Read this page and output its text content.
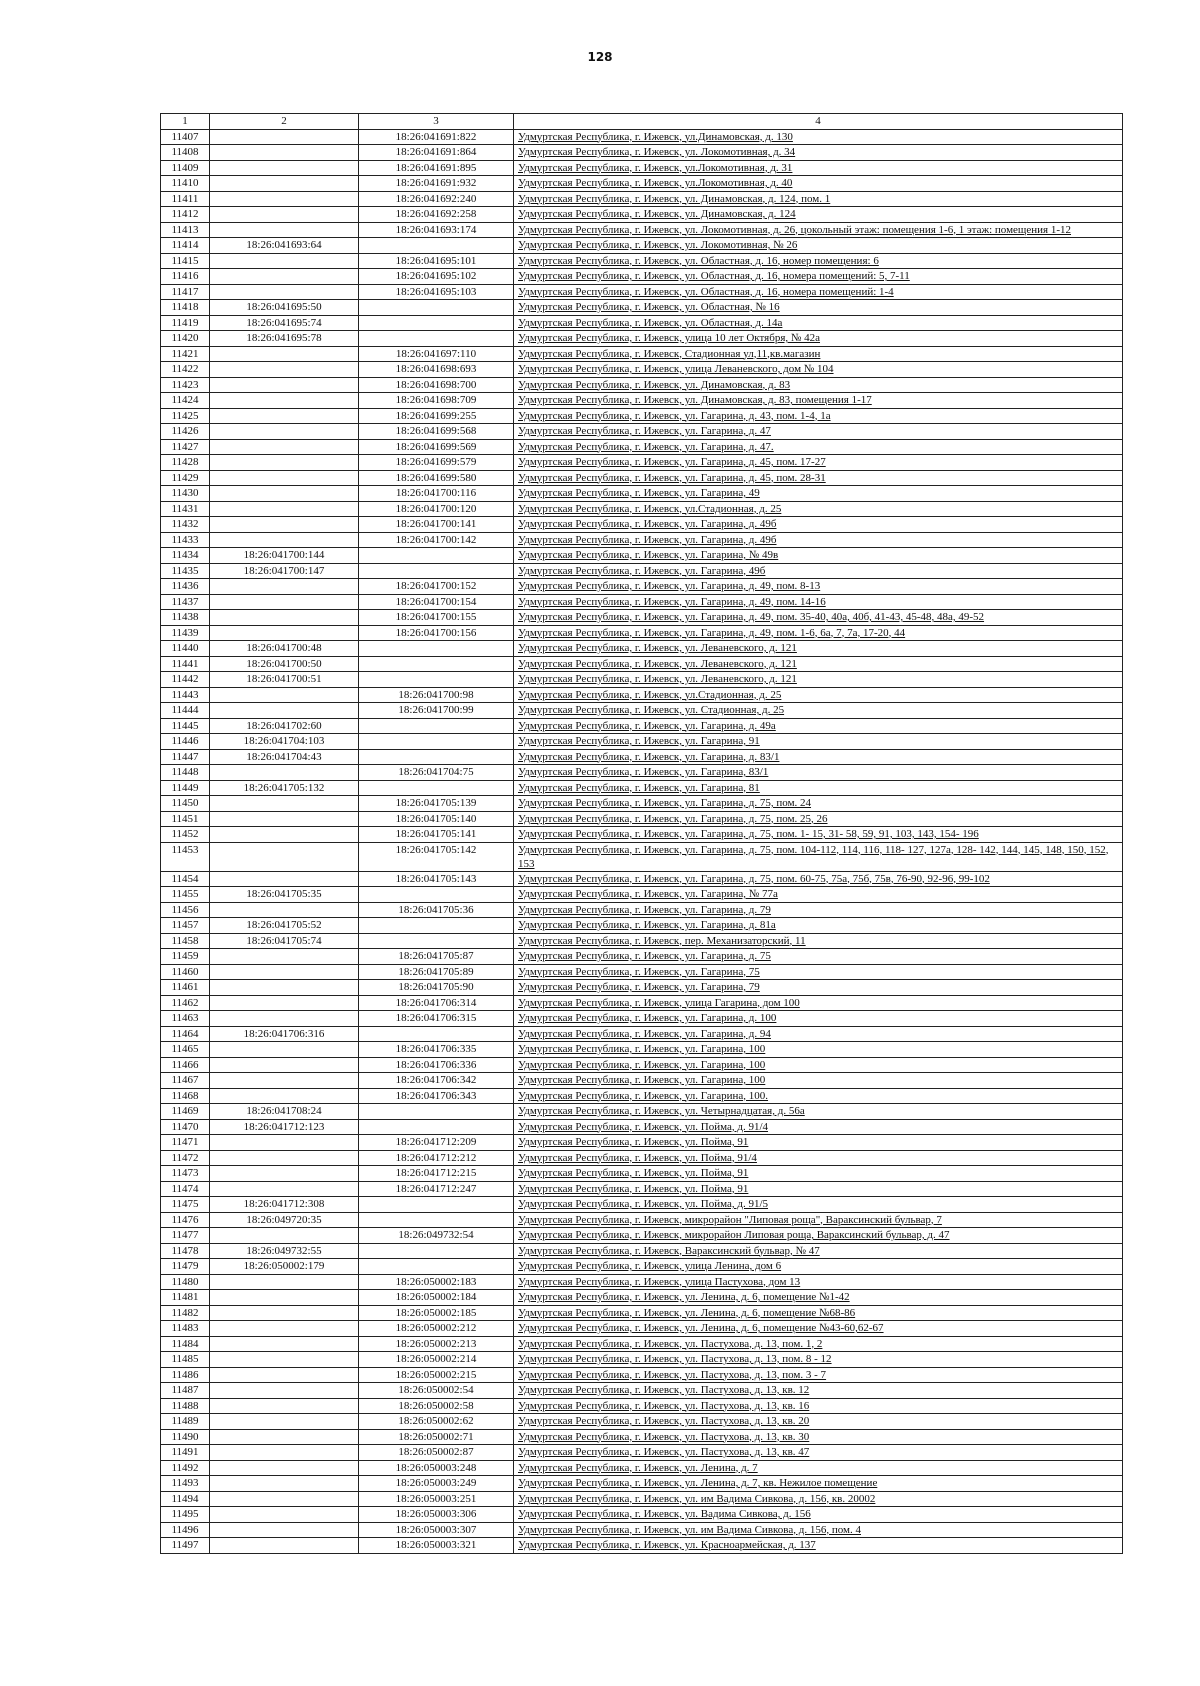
128
1	2	3	4
11407		18:26:041691:822	Удмуртская Республика, г. Ижевск, ул.Динамовская, д. 130
11408		18:26:041691:864	Удмуртская Республика, г. Ижевск, ул. Локомотивная, д. 34
11409		18:26:041691:895	Удмуртская Республика, г. Ижевск, ул.Локомотивная, д. 31
11410		18:26:041691:932	Удмуртская Республика, г. Ижевск, ул.Локомотивная, д. 40
11411		18:26:041692:240	Удмуртская Республика, г. Ижевск, ул. Динамовская, д. 124, пом. 1
11412		18:26:041692:258	Удмуртская Республика, г. Ижевск, ул. Динамовская, д. 124
11413		18:26:041693:174	Удмуртская Республика, г. Ижевск, ул. Локомотивная, д. 26, цокольный этаж: помещения 1-6, 1 этаж: помещения 1-12
11414	18:26:041693:64		Удмуртская Республика, г. Ижевск, ул. Локомотивная, № 26
11415		18:26:041695:101	Удмуртская Республика, г. Ижевск, ул. Областная, д. 16, номер помещения: 6
11416		18:26:041695:102	Удмуртская Республика, г. Ижевск, ул. Областная, д. 16, номера помещений: 5, 7-11
11417		18:26:041695:103	Удмуртская Республика, г. Ижевск, ул. Областная, д. 16, номера помещений: 1-4
11418	18:26:041695:50		Удмуртская Республика, г. Ижевск, ул. Областная, № 16
11419	18:26:041695:74		Удмуртская Республика, г. Ижевск, ул. Областная, д. 14а
11420	18:26:041695:78		Удмуртская Республика, г. Ижевск, улица 10 лет Октября, № 42а
11421		18:26:041697:110	Удмуртская Республика, г. Ижевск, Стадионная ул,11,кв.магазин
11422		18:26:041698:693	Удмуртская Республика, г. Ижевск, улица Леваневского, дом № 104
11423		18:26:041698:700	Удмуртская Республика, г. Ижевск, ул. Динамовская, д. 83
11424		18:26:041698:709	Удмуртская Республика, г. Ижевск, ул. Динамовская, д. 83, помещения 1-17
11425		18:26:041699:255	Удмуртская Республика, г. Ижевск, ул. Гагарина, д. 43, пом. 1-4, 1а
11426		18:26:041699:568	Удмуртская Республика, г. Ижевск, ул. Гагарина, д. 47
11427		18:26:041699:569	Удмуртская Республика, г. Ижевск, ул. Гагарина, д. 47.
11428		18:26:041699:579	Удмуртская Республика, г. Ижевск, ул. Гагарина, д. 45, пом. 17-27
11429		18:26:041699:580	Удмуртская Республика, г. Ижевск, ул. Гагарина, д. 45, пом. 28-31
11430		18:26:041700:116	Удмуртская Республика, г. Ижевск, ул. Гагарина, 49
11431		18:26:041700:120	Удмуртская Республика, г. Ижевск, ул.Стадионная, д. 25
11432		18:26:041700:141	Удмуртская Республика, г. Ижевск, ул. Гагарина, д. 49б
11433		18:26:041700:142	Удмуртская Республика, г. Ижевск, ул. Гагарина, д. 49б
11434	18:26:041700:144		Удмуртская Республика, г. Ижевск, ул. Гагарина, № 49в
11435	18:26:041700:147		Удмуртская Республика, г. Ижевск, ул. Гагарина, 49б
11436		18:26:041700:152	Удмуртская Республика, г. Ижевск, ул. Гагарина, д. 49, пом. 8-13
11437		18:26:041700:154	Удмуртская Республика, г. Ижевск, ул. Гагарина, д. 49, пом. 14-16
11438		18:26:041700:155	Удмуртская Республика, г. Ижевск, ул. Гагарина, д. 49, пом. 35-40, 40а, 40б, 41-43, 45-48, 48а, 49-52
11439		18:26:041700:156	Удмуртская Республика, г. Ижевск, ул. Гагарина, д. 49, пом. 1-6, 6а, 7, 7а, 17-20, 44
11440	18:26:041700:48		Удмуртская Республика, г. Ижевск, ул. Леваневского, д. 121
11441	18:26:041700:50		Удмуртская Республика, г. Ижевск, ул. Леваневского, д. 121
11442	18:26:041700:51		Удмуртская Республика, г. Ижевск, ул. Леваневского, д. 121
11443		18:26:041700:98	Удмуртская Республика, г. Ижевск, ул.Стадионная, д. 25
11444		18:26:041700:99	Удмуртская Республика, г. Ижевск, ул. Стадионная, д. 25
11445	18:26:041702:60		Удмуртская Республика, г. Ижевск, ул. Гагарина, д. 49а
11446	18:26:041704:103		Удмуртская Республика, г. Ижевск, ул. Гагарина, 91
11447	18:26:041704:43		Удмуртская Республика, г. Ижевск, ул. Гагарина, д. 83/1
11448		18:26:041704:75	Удмуртская Республика, г. Ижевск, ул. Гагарина, 83/1
11449	18:26:041705:132		Удмуртская Республика, г. Ижевск, ул. Гагарина, 81
11450		18:26:041705:139	Удмуртская Республика, г. Ижевск, ул. Гагарина, д. 75, пом. 24
11451		18:26:041705:140	Удмуртская Республика, г. Ижевск, ул. Гагарина, д. 75, пом. 25, 26
11452		18:26:041705:141	Удмуртская Республика, г. Ижевск, ул. Гагарина, д. 75, пом. 1- 15, 31- 58, 59, 91, 103, 143, 154- 196
11453		18:26:041705:142	Удмуртская Республика, г. Ижевск, ул. Гагарина, д. 75, пом. 104-112, 114, 116, 118- 127, 127а, 128- 142, 144, 145, 148, 150, 152, 153
11454		18:26:041705:143	Удмуртская Республика, г. Ижевск, ул. Гагарина, д. 75, пом. 60-75, 75а, 75б, 75в, 76-90, 92-96, 99-102
11455	18:26:041705:35		Удмуртская Республика, г. Ижевск, ул. Гагарина, № 77а
11456		18:26:041705:36	Удмуртская Республика, г. Ижевск, ул. Гагарина, д. 79
11457	18:26:041705:52		Удмуртская Республика, г. Ижевск, ул. Гагарина, д. 81а
11458	18:26:041705:74		Удмуртская Республика, г. Ижевск, пер. Механизаторский, 11
11459		18:26:041705:87	Удмуртская Республика, г. Ижевск, ул. Гагарина, д. 75
11460		18:26:041705:89	Удмуртская Республика, г. Ижевск, ул. Гагарина, 75
11461		18:26:041705:90	Удмуртская Республика, г. Ижевск, ул. Гагарина, 79
11462		18:26:041706:314	Удмуртская Республика, г. Ижевск, улица Гагарина, дом 100
11463		18:26:041706:315	Удмуртская Республика, г. Ижевск, ул. Гагарина, д. 100
11464	18:26:041706:316		Удмуртская Республика, г. Ижевск, ул. Гагарина, д. 94
11465		18:26:041706:335	Удмуртская Республика, г. Ижевск, ул. Гагарина, 100
11466		18:26:041706:336	Удмуртская Республика, г. Ижевск, ул. Гагарина, 100
11467		18:26:041706:342	Удмуртская Республика, г. Ижевск, ул. Гагарина, 100
11468		18:26:041706:343	Удмуртская Республика, г. Ижевск, ул. Гагарина, 100.
11469	18:26:041708:24		Удмуртская Республика, г. Ижевск, ул. Четырнадцатая, д. 56а
11470	18:26:041712:123		Удмуртская Республика, г. Ижевск, ул. Пойма, д. 91/4
11471		18:26:041712:209	Удмуртская Республика, г. Ижевск, ул. Пойма, 91
11472		18:26:041712:212	Удмуртская Республика, г. Ижевск, ул. Пойма, 91/4
11473		18:26:041712:215	Удмуртская Республика, г. Ижевск, ул. Пойма, 91
11474		18:26:041712:247	Удмуртская Республика, г. Ижевск, ул. Пойма, 91
11475	18:26:041712:308		Удмуртская Республика, г. Ижевск, ул. Пойма, д. 91/5
11476	18:26:049720:35		Удмуртская Республика, г. Ижевск, микрорайон "Липовая роща", Вараксинский бульвар, 7
11477		18:26:049732:54	Удмуртская Республика, г. Ижевск, микрорайон Липовая роща, Вараксинский бульвар, д. 47
11478	18:26:049732:55		Удмуртская Республика, г. Ижевск, Вараксинский бульвар, № 47
11479	18:26:050002:179		Удмуртская Республика, г. Ижевск, улица Ленина, дом 6
11480		18:26:050002:183	Удмуртская Республика, г. Ижевск, улица Пастухова, дом 13
11481		18:26:050002:184	Удмуртская Республика, г. Ижевск, ул. Ленина, д. 6, помещение №1-42
11482		18:26:050002:185	Удмуртская Республика, г. Ижевск, ул. Ленина, д. 6, помещение №68-86
11483		18:26:050002:212	Удмуртская Республика, г. Ижевск, ул. Ленина, д. 6, помещение №43-60,62-67
11484		18:26:050002:213	Удмуртская Республика, г. Ижевск, ул. Пастухова, д. 13, пом. 1, 2
11485		18:26:050002:214	Удмуртская Республика, г. Ижевск, ул. Пастухова, д. 13, пом. 8 - 12
11486		18:26:050002:215	Удмуртская Республика, г. Ижевск, ул. Пастухова, д. 13, пом. 3 - 7
11487		18:26:050002:54	Удмуртская Республика, г. Ижевск, ул. Пастухова, д. 13, кв. 12
11488		18:26:050002:58	Удмуртская Республика, г. Ижевск, ул. Пастухова, д. 13, кв. 16
11489		18:26:050002:62	Удмуртская Республика, г. Ижевск, ул. Пастухова, д. 13, кв. 20
11490		18:26:050002:71	Удмуртская Республика, г. Ижевск, ул. Пастухова, д. 13, кв. 30
11491		18:26:050002:87	Удмуртская Республика, г. Ижевск, ул. Пастухова, д. 13, кв. 47
11492		18:26:050003:248	Удмуртская Республика, г. Ижевск, ул. Ленина, д. 7
11493		18:26:050003:249	Удмуртская Республика, г. Ижевск, ул. Ленина, д. 7, кв. Нежилое помещение
11494		18:26:050003:251	Удмуртская Республика, г. Ижевск, ул. им Вадима Сивкова, д. 156, кв. 20002
11495		18:26:050003:306	Удмуртская Республика, г. Ижевск, ул. Вадима Сивкова, д. 156
11496		18:26:050003:307	Удмуртская Республика, г. Ижевск, ул. им Вадима Сивкова, д. 156, пом. 4
11497		18:26:050003:321	Удмуртская Республика, г. Ижевск, ул. Красноармейская, д. 137
